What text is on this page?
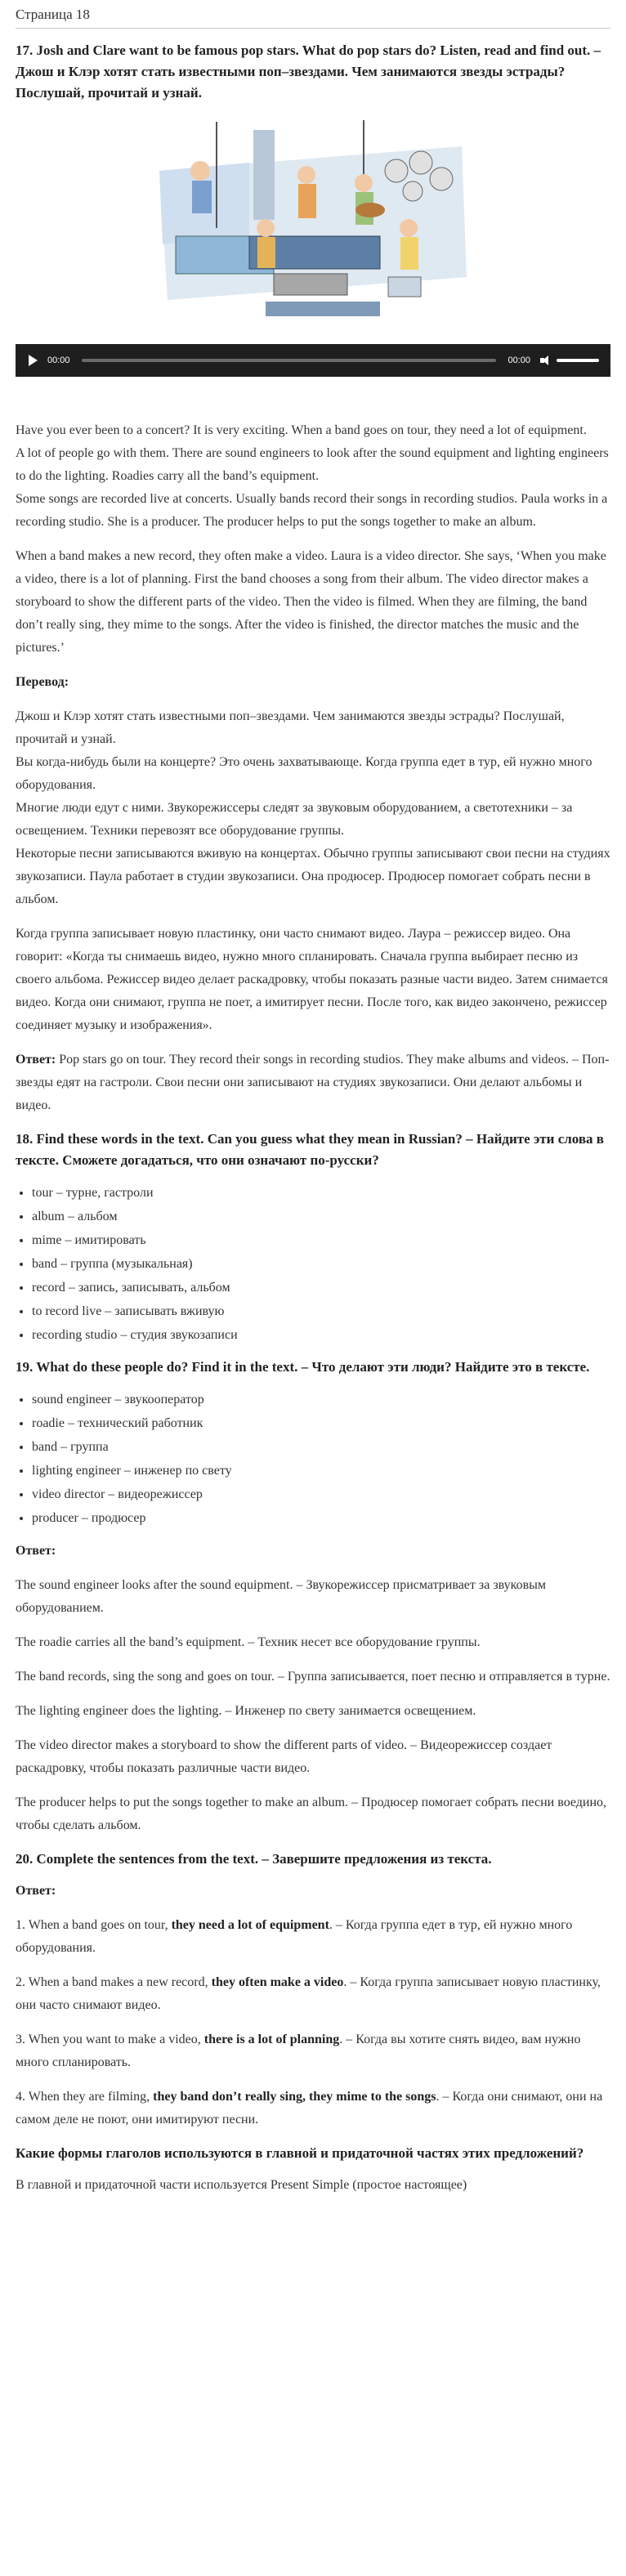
Страница 18
17. Josh and Clare want to be famous pop stars. What do pop stars do? Listen, read and find out. – Джош и Клэр хотят стать известными поп–звездами. Чем занимаются звезды эстрады? Послушай, прочитай и узнай.
00:00	00:00

Have you ever been to a concert? It is very exciting. When a band goes on tour, they need a lot of equipment.

A lot of people go with them. There are sound engineers to look after the sound equipment and lighting engineers to do the lighting. Roadies carry all the band’s equipment.

Some songs are recorded live at concerts. Usually bands record their songs in recording studios. Paula works in a recording studio. She is a producer. The producer helps to put the songs together to make an album.

When a band makes a new record, they often make a video. Laura is a video director. She says, ‘When you make a video, there is a lot of planning. First the band chooses a song from their album. The video director makes a storyboard to show the different parts of the video. Then the video is filmed. When they are filming, the band don’t really sing, they mime to the songs. After the video is finished, the director matches the music and the pictures.’

Перевод:

Джош и Клэр хотят стать известными поп–звездами. Чем занимаются звезды эстрады? Послушай, прочитай и узнай.

Вы когда-нибудь были на концерте? Это очень захватывающе. Когда группа едет в тур, ей нужно много оборудования.

Многие люди едут с ними. Звукорежиссеры следят за звуковым оборудованием, а светотехники – за освещением. Техники перевозят все оборудование группы.

Некоторые песни записываются вживую на концертах. Обычно группы записывают свои песни на студиях звукозаписи. Паула работает в студии звукозаписи. Она продюсер. Продюсер помогает собрать песни в альбом.

Когда группа записывает новую пластинку, они часто снимают видео. Лаура – режиссер видео. Она говорит: «Когда ты снимаешь видео, нужно много спланировать. Сначала группа выбирает песню из своего альбома. Режиссер видео делает раскадровку, чтобы показать разные части видео. Затем снимается видео. Когда они снимают, группа не поет, а имитирует песни. После того, как видео закончено, режиссер соединяет музыку и изображения».

Ответ: Pop stars go on tour. They record their songs in recording studios. They make albums and videos. – Поп-звезды едят на гастроли. Свои песни они записывают на студиях звукозаписи. Они делают альбомы и видео.

18. Find these words in the text. Can you guess what they mean in Russian? – Найдите эти слова в тексте. Сможете догадаться, что они означают по-русски?
• tour – турне, гастроли
• album – альбом
• mime – имитировать
• band – группа (музыкальная)
• record – запись, записывать, альбом
• to record live – записывать вживую
• recording studio – студия звукозаписи
19. What do these people do? Find it in the text. – Что делают эти люди? Найдите это в тексте.
• sound engineer – звукооператор
• roadie – технический работник
• band – группа
• lighting engineer – инженер по свету
• video director – видеорежиссер
• producer – продюсер

Ответ:

The sound engineer looks after the sound equipment. – Звукорежиссер присматривает за звуковым оборудованием.

The roadie carries all the band’s equipment. – Техник несет все оборудование группы.

The band records, sing the song and goes on tour. – Группа записывается, поет песню и отправляется в турне.

The lighting engineer does the lighting. – Инженер по свету занимается освещением.

The video director makes a storyboard to show the different parts of video. – Видеорежиссер создает раскадровку, чтобы показать различные части видео.

The producer helps to put the songs together to make an album. – Продюсер помогает собрать песни воедино, чтобы сделать альбом.

20. Complete the sentences from the text. – Завершите предложения из текста.

Ответ:

1. When a band goes on tour, they need a lot of equipment. – Когда группа едет в тур, ей нужно много оборудования.

2. When a band makes a new record, they often make a video. – Когда группа записывает новую пластинку, они часто снимают видео.

3. When you want to make a video, there is a lot of planning. – Когда вы хотите снять видео, вам нужно много спланировать.

4. When they are filming, they band don’t really sing, they mime to the songs. – Когда они снимают, они на самом деле не поют, они имитируют песни.

Какие формы глаголов используются в главной и придаточной частях этих предложений?

В главной и придаточной части используется Present Simple (простое настоящее)
